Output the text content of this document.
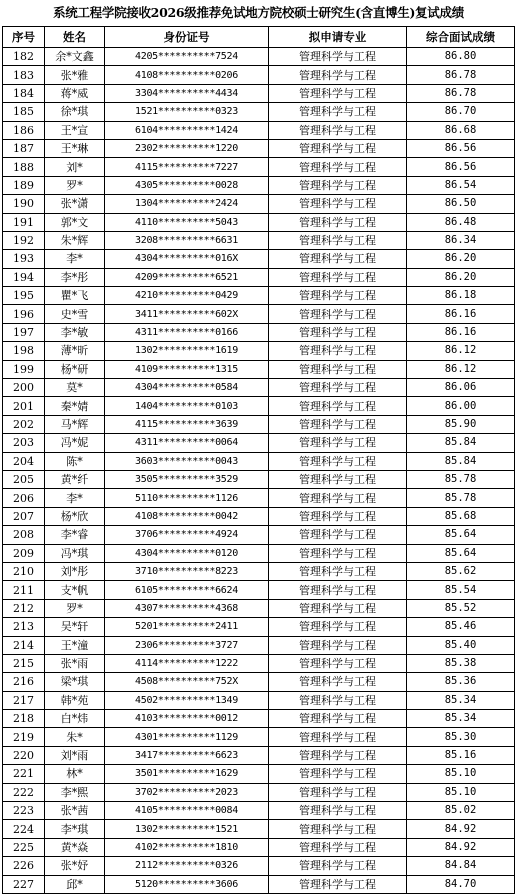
系统工程学院接收2026级推荐免试地方院校硕士研究生(含直博生)复试成绩
序号	姓名	身份证号	拟申请专业	综合面试成绩
182	余*文鑫	4205**********7524	管理科学与工程	86.80
183	张*雅	4108**********0206	管理科学与工程	86.78
184	蒋*威	3304**********4434	管理科学与工程	86.78
185	徐*琪	1521**********0323	管理科学与工程	86.70
186	王*宣	6104**********1424	管理科学与工程	86.68
187	王*琳	2302**********1220	管理科学与工程	86.56
188	刘*	4115**********7227	管理科学与工程	86.56
189	罗*	4305**********0028	管理科学与工程	86.54
190	张*潇	1304**********2424	管理科学与工程	86.50
191	郭*文	4110**********5043	管理科学与工程	86.48
192	朱*辉	3208**********6631	管理科学与工程	86.34
193	李*	4304**********016X	管理科学与工程	86.20
194	李*彤	4209**********6521	管理科学与工程	86.20
195	瞿*飞	4210**********0429	管理科学与工程	86.18
196	史*雪	3411**********602X	管理科学与工程	86.16
197	李*敏	4311**********0166	管理科学与工程	86.16
198	薄*昕	1302**********1619	管理科学与工程	86.12
199	杨*研	4109**********1315	管理科学与工程	86.12
200	莫*	4304**********0584	管理科学与工程	86.06
201	秦*婧	1404**********0103	管理科学与工程	86.00
202	马*辉	4115**********3639	管理科学与工程	85.90
203	冯*妮	4311**********0064	管理科学与工程	85.84
204	陈*	3603**********0043	管理科学与工程	85.84
205	黄*纤	3505**********3529	管理科学与工程	85.78
206	李*	5110**********1126	管理科学与工程	85.78
207	杨*欣	4108**********0042	管理科学与工程	85.68
208	李*睿	3706**********4924	管理科学与工程	85.64
209	冯*琪	4304**********0120	管理科学与工程	85.64
210	刘*彤	3710**********8223	管理科学与工程	85.62
211	支*帆	6105**********6624	管理科学与工程	85.54
212	罗*	4307**********4368	管理科学与工程	85.52
213	吴*轩	5201**********2411	管理科学与工程	85.46
214	王*潼	2306**********3727	管理科学与工程	85.40
215	张*雨	4114**********1222	管理科学与工程	85.38
216	梁*琪	4508**********752X	管理科学与工程	85.36
217	韩*苑	4502**********1349	管理科学与工程	85.34
218	白*炜	4103**********0012	管理科学与工程	85.34
219	朱*	4301**********1129	管理科学与工程	85.30
220	刘*雨	3417**********6623	管理科学与工程	85.16
221	林*	3501**********1629	管理科学与工程	85.10
222	李*熙	3702**********2023	管理科学与工程	85.10
223	张*茜	4105**********0084	管理科学与工程	85.02
224	李*琪	1302**********1521	管理科学与工程	84.92
225	黄*焱	4102**********1810	管理科学与工程	84.92
226	张*妤	2112**********0326	管理科学与工程	84.84
227	邱*	5120**********3606	管理科学与工程	84.70
